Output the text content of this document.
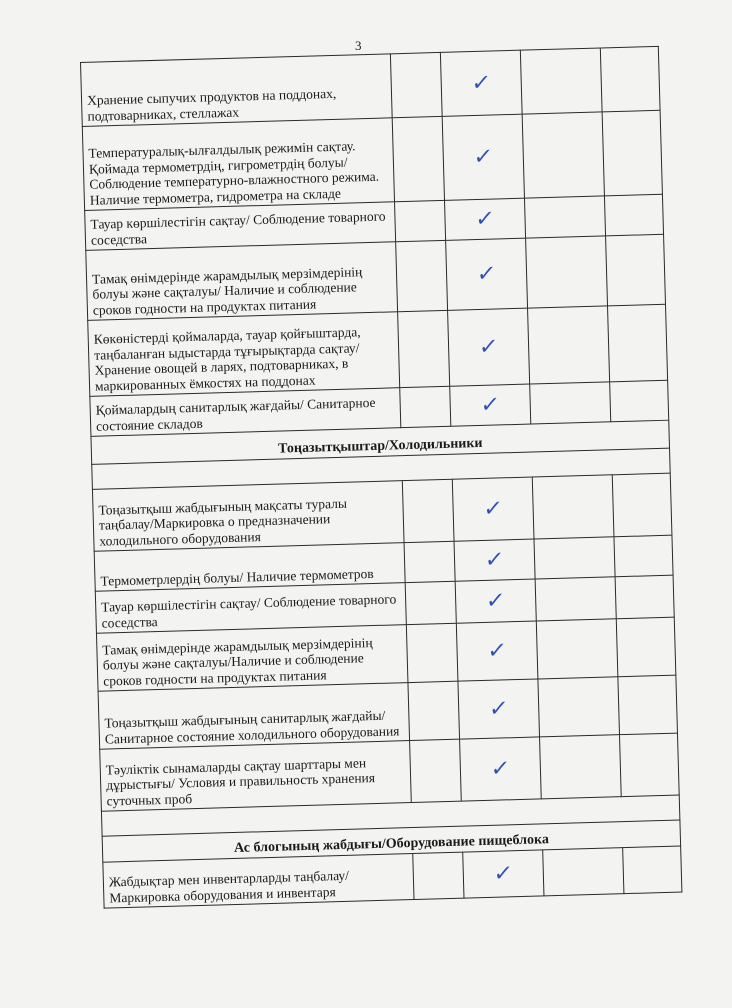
3
Хранение сыпучих продуктов на поддонах, подтоварниках, стеллажах		✓		

Температуралық-ылғалдылық режимін сақтау. Қоймада термометрдің, гигрометрдің болуы/ Соблюдение температурно-влажностного режима. Наличие термометра, гидрометра на складе		✓		

Тауар көршілестігін сақтау/ Соблюдение товарного соседства		✓		

Тамақ өнімдерінде жарамдылық мерзімдерінің болуы және сақталуы/ Наличие и соблюдение сроков годности на продуктах питания		✓		

Көкөністерді қоймаларда, тауар қойғыштарда, таңбаланған ыдыстарда тұғырықтарда сақтау/ Хранение овощей в ларях, подтоварниках, в маркированных ёмкостях на поддонах		✓		

Қоймалардың санитарлық жағдайы/ Санитарное состояние складов		✓		
Тоңазытқыштар/Холодильники				

Тоңазытқыш жабдығының мақсаты туралы таңбалау/Маркировка о предназначении холодильного оборудования		✓		

Термометрлердің болуы/ Наличие термометров		✓		

Тауар көршілестігін сақтау/ Соблюдение товарного соседства		✓		

Тамақ өнімдерінде жарамдылық мерзімдерінің болуы және сақталуы/Наличие и соблюдение сроков годности на продуктах питания		✓		

Тоңазытқыш жабдығының санитарлық жағдайы/ Санитарное состояние холодильного оборудования		✓		

Тәуліктік сынамаларды сақтау шарттары мен дұрыстығы/ Условия и правильность хранения суточных проб		✓		

Ас блогының жабдығы/Оборудование пищеблока				

Жабдықтар мен инвентарларды таңбалау/ Маркировка оборудования и инвентаря		✓		
